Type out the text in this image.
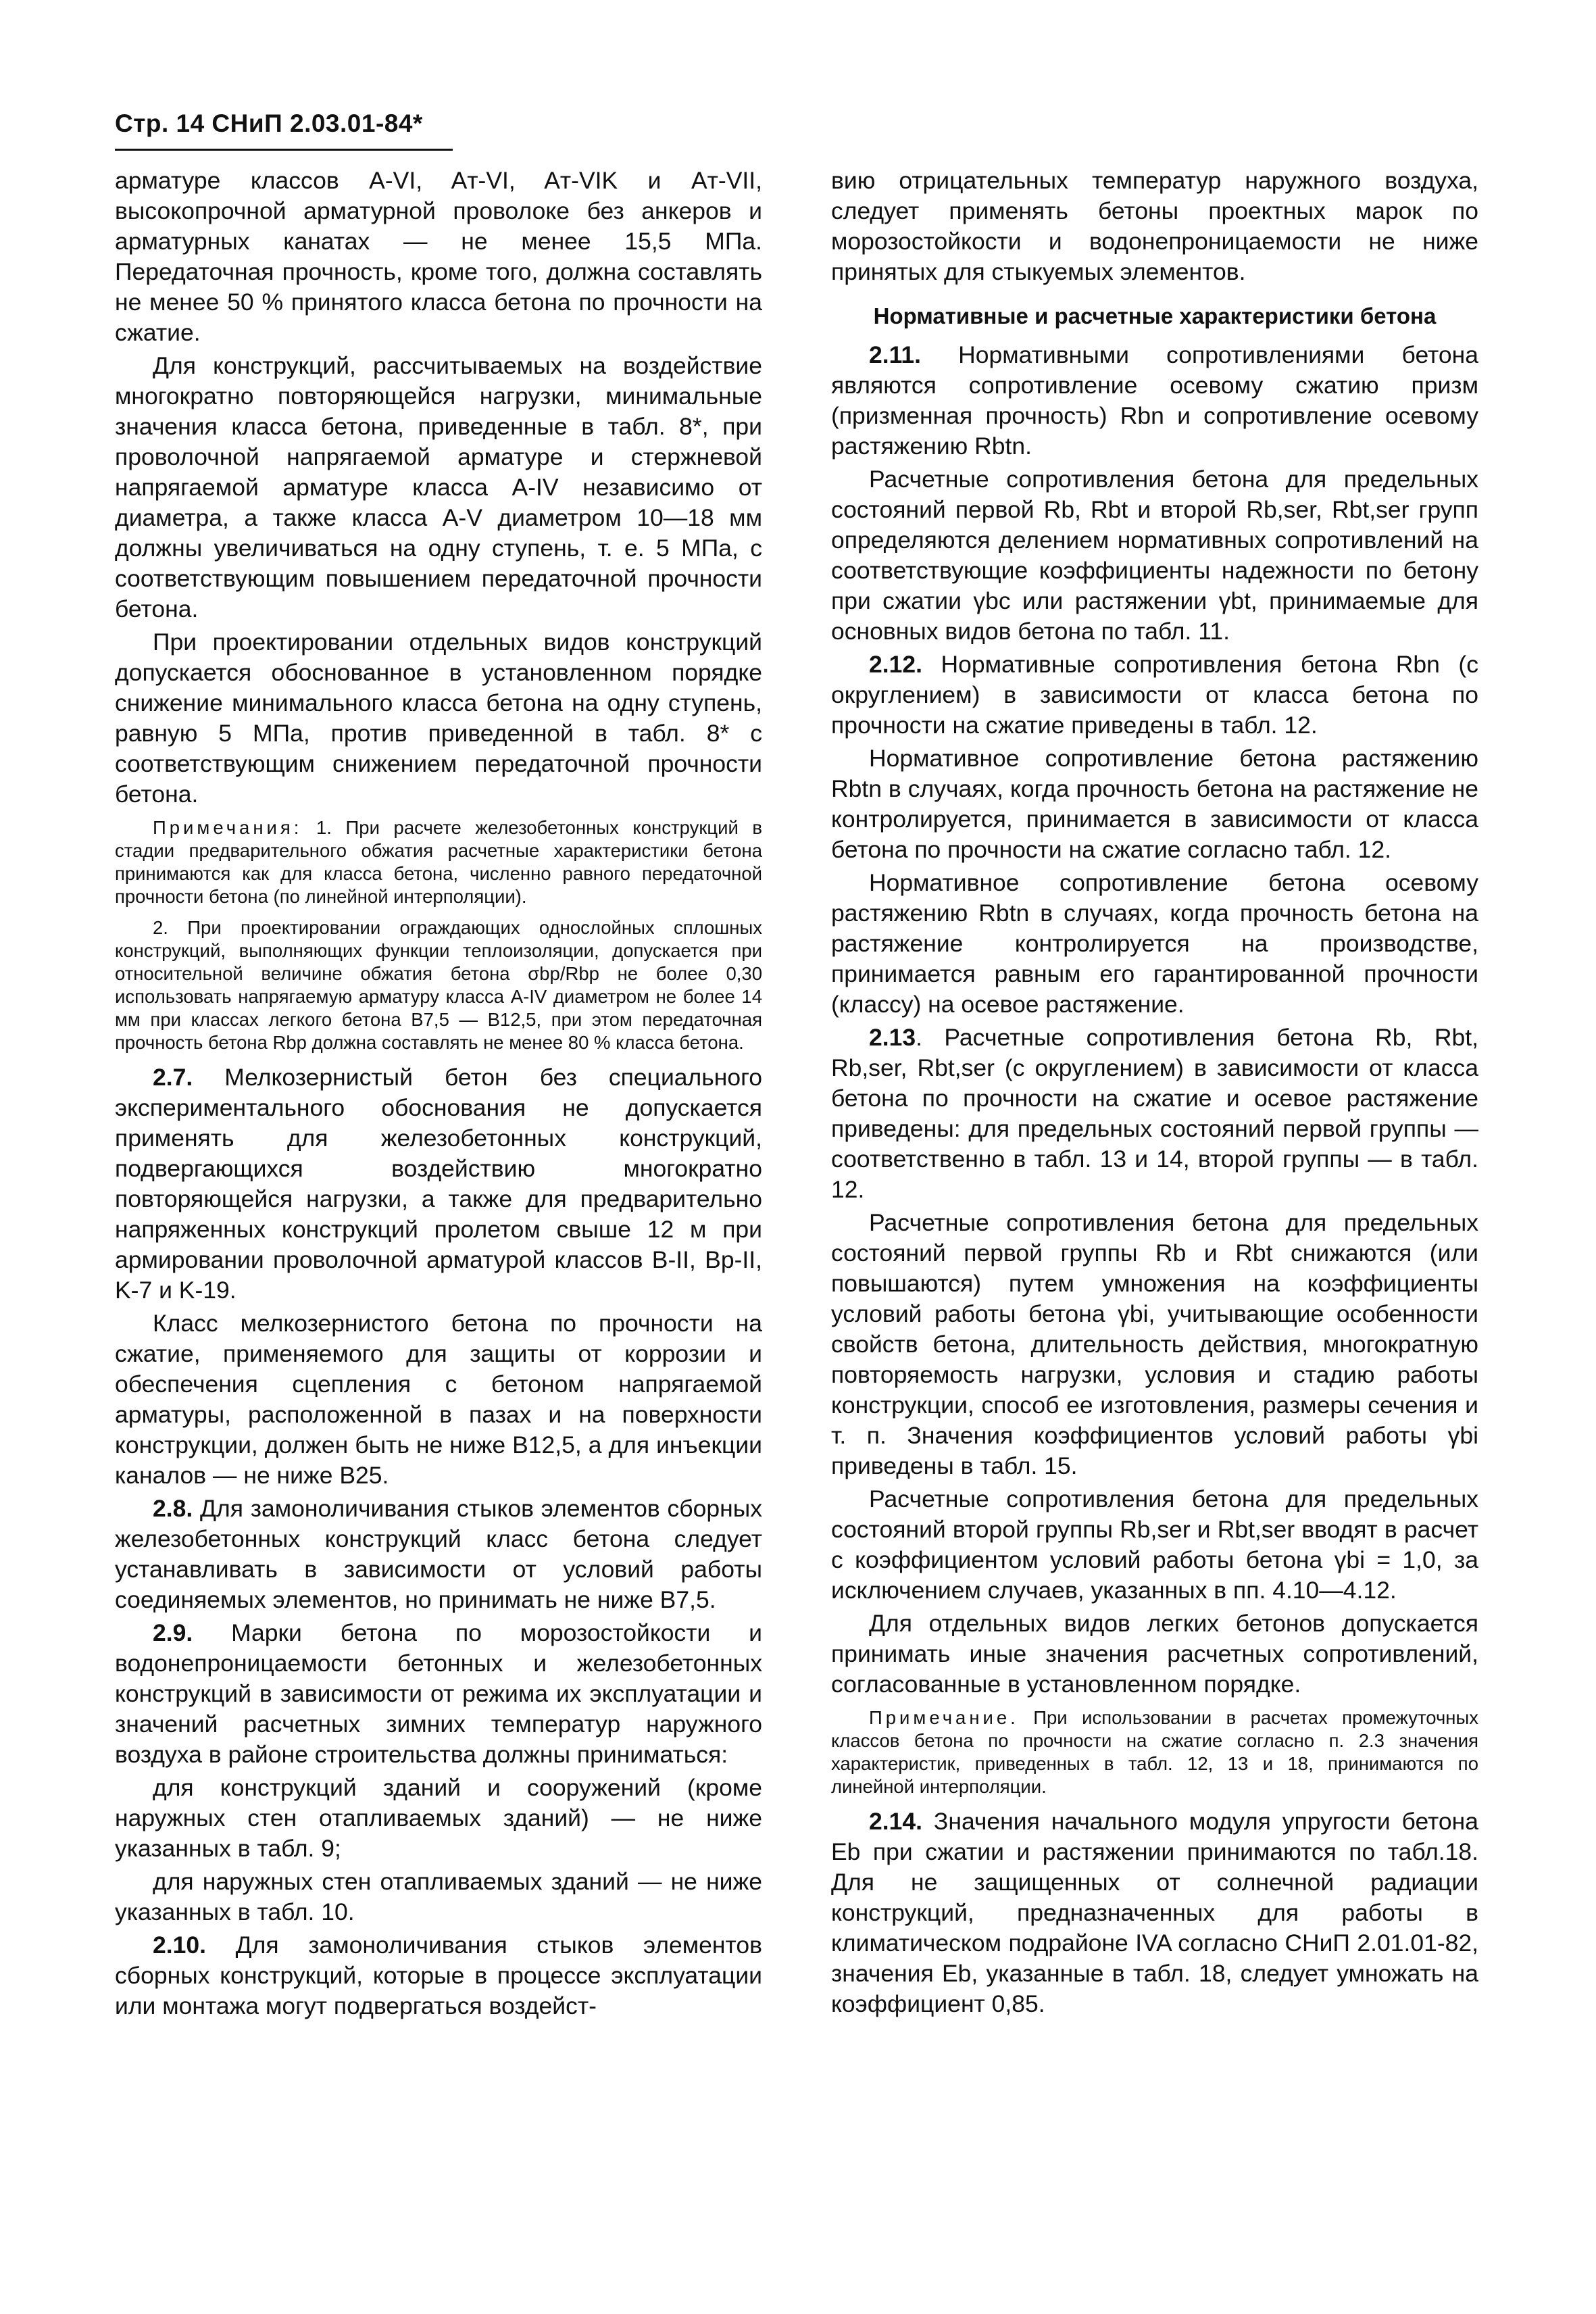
Стр. 14 СНиП 2.03.01-84*

арматуре классов A-VI, Aт-VI, Aт-VIK и Aт-VII, высокопрочной арматурной проволоке без анкеров и арматурных канатах — не менее 15,5 МПа. Передаточная прочность, кроме того, должна составлять не менее 50 % принятого класса бетона по прочности на сжатие.

Для конструкций, рассчитываемых на воздействие многократно повторяющейся нагрузки, минимальные значения класса бетона, приведенные в табл. 8*, при проволочной напрягаемой арматуре и стержневой напрягаемой арматуре класса A-IV независимо от диаметра, а также класса A-V диаметром 10—18 мм должны увеличиваться на одну ступень, т. е. 5 МПа, с соответствующим повышением передаточной прочности бетона.

При проектировании отдельных видов конструкций допускается обоснованное в установленном порядке снижение минимального класса бетона на одну ступень, равную 5 МПа, против приведенной в табл. 8* с соответствующим снижением передаточной прочности бетона.

Примечания: 1. При расчете железобетонных конструкций в стадии предварительного обжатия расчетные характеристики бетона принимаются как для класса бетона, численно равного передаточной прочности бетона (по линейной интерполяции).
2. При проектировании ограждающих однослойных сплошных конструкций, выполняющих функции теплоизоляции, допускается при относительной величине обжатия бетона σbp/Rbp не более 0,30 использовать напрягаемую арматуру класса A-IV диаметром не более 14 мм при классах легкого бетона B7,5 — B12,5, при этом передаточная прочность бетона Rbp должна составлять не менее 80 % класса бетона.

2.7. Мелкозернистый бетон без специального экспериментального обоснования не допускается применять для железобетонных конструкций, подвергающихся воздействию многократно повторяющейся нагрузки, а также для предварительно напряженных конструкций пролетом свыше 12 м при армировании проволочной арматурой классов B-II, Bp-II, K-7 и K-19.

Класс мелкозернистого бетона по прочности на сжатие, применяемого для защиты от коррозии и обеспечения сцепления с бетоном напрягаемой арматуры, расположенной в пазах и на поверхности конструкции, должен быть не ниже B12,5, а для инъекции каналов — не ниже B25.

2.8. Для замоноличивания стыков элементов сборных железобетонных конструкций класс бетона следует устанавливать в зависимости от условий работы соединяемых элементов, но принимать не ниже B7,5.

2.9. Марки бетона по морозостойкости и водонепроницаемости бетонных и железобетонных конструкций в зависимости от режима их эксплуатации и значений расчетных зимних температур наружного воздуха в районе строительства должны приниматься:

для конструкций зданий и сооружений (кроме наружных стен отапливаемых зданий) — не ниже указанных в табл. 9;

для наружных стен отапливаемых зданий — не ниже указанных в табл. 10.

2.10. Для замоноличивания стыков элементов сборных конструкций, которые в процессе эксплуатации или монтажа могут подвергаться воздейст-

вию отрицательных температур наружного воздуха, следует применять бетоны проектных марок по морозостойкости и водонепроницаемости не ниже принятых для стыкуемых элементов.

Нормативные и расчетные характеристики бетона

2.11. Нормативными сопротивлениями бетона являются сопротивление осевому сжатию призм (призменная прочность) Rbn и сопротивление осевому растяжению Rbtn.

Расчетные сопротивления бетона для предельных состояний первой Rb, Rbt и второй Rb,ser, Rbt,ser групп определяются делением нормативных сопротивлений на соответствующие коэффициенты надежности по бетону при сжатии γbc или растяжении γbt, принимаемые для основных видов бетона по табл. 11.

2.12. Нормативные сопротивления бетона Rbn (с округлением) в зависимости от класса бетона по прочности на сжатие приведены в табл. 12.

Нормативное сопротивление бетона растяжению Rbtn в случаях, когда прочность бетона на растяжение не контролируется, принимается в зависимости от класса бетона по прочности на сжатие согласно табл. 12.

Нормативное сопротивление бетона осевому растяжению Rbtn в случаях, когда прочность бетона на растяжение контролируется на производстве, принимается равным его гарантированной прочности (классу) на осевое растяжение.

2.13. Расчетные сопротивления бетона Rb, Rbt, Rb,ser, Rbt,ser (с округлением) в зависимости от класса бетона по прочности на сжатие и осевое растяжение приведены: для предельных состояний первой группы — соответственно в табл. 13 и 14, второй группы — в табл. 12.

Расчетные сопротивления бетона для предельных состояний первой группы Rb и Rbt снижаются (или повышаются) путем умножения на коэффициенты условий работы бетона γbi, учитывающие особенности свойств бетона, длительность действия, многократную повторяемость нагрузки, условия и стадию работы конструкции, способ ее изготовления, размеры сечения и т. п. Значения коэффициентов условий работы γbi приведены в табл. 15.

Расчетные сопротивления бетона для предельных состояний второй группы Rb,ser и Rbt,ser вводят в расчет с коэффициентом условий работы бетона γbi = 1,0, за исключением случаев, указанных в пп. 4.10—4.12.

Для отдельных видов легких бетонов допускается принимать иные значения расчетных сопротивлений, согласованные в установленном порядке.

Примечание. При использовании в расчетах промежуточных классов бетона по прочности на сжатие согласно п. 2.3 значения характеристик, приведенных в табл. 12, 13 и 18, принимаются по линейной интерполяции.

2.14. Значения начального модуля упругости бетона Eb при сжатии и растяжении принимаются по табл.18. Для не защищенных от солнечной радиации конструкций, предназначенных для работы в климатическом подрайоне IVA согласно СНиП 2.01.01-82, значения Eb, указанные в табл. 18, следует умножать на коэффициент 0,85.
